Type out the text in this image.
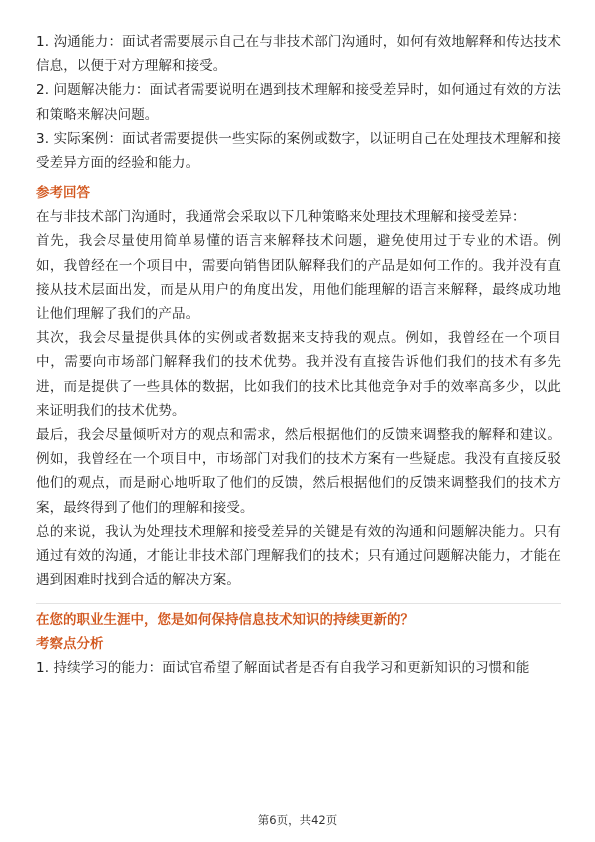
1. 沟通能力：面试者需要展示自己在与非技术部门沟通时，如何有效地解释和传达技术信息，以便于对方理解和接受。

2. 问题解决能力：面试者需要说明在遇到技术理解和接受差异时，如何通过有效的方法和策略来解决问题。

3. 实际案例：面试者需要提供一些实际的案例或数字，以证明自己在处理技术理解和接受差异方面的经验和能力。

参考回答

在与非技术部门沟通时，我通常会采取以下几种策略来处理技术理解和接受差异：

首先，我会尽量使用简单易懂的语言来解释技术问题，避免使用过于专业的术语。例如，我曾经在一个项目中，需要向销售团队解释我们的产品是如何工作的。我并没有直接从技术层面出发，而是从用户的角度出发，用他们能理解的语言来解释，最终成功地让他们理解了我们的产品。

其次，我会尽量提供具体的实例或者数据来支持我的观点。例如，我曾经在一个项目中，需要向市场部门解释我们的技术优势。我并没有直接告诉他们我们的技术有多先进，而是提供了一些具体的数据，比如我们的技术比其他竞争对手的效率高多少，以此来证明我们的技术优势。

最后，我会尽量倾听对方的观点和需求，然后根据他们的反馈来调整我的解释和建议。例如，我曾经在一个项目中，市场部门对我们的技术方案有一些疑虑。我没有直接反驳他们的观点，而是耐心地听取了他们的反馈，然后根据他们的反馈来调整我们的技术方案，最终得到了他们的理解和接受。

总的来说，我认为处理技术理解和接受差异的关键是有效的沟通和问题解决能力。只有通过有效的沟通，才能让非技术部门理解我们的技术；只有通过问题解决能力，才能在遇到困难时找到合适的解决方案。

在您的职业生涯中，您是如何保持信息技术知识的持续更新的？

考察点分析

1. 持续学习的能力：面试官希望了解面试者是否有自我学习和更新知识的习惯和能

第6页，共42页
